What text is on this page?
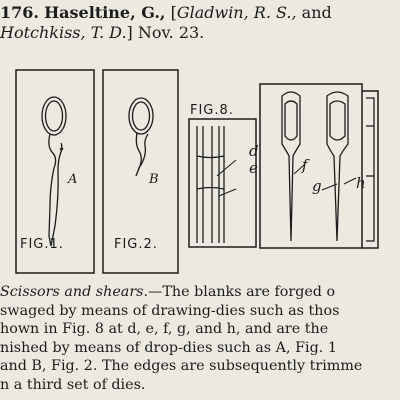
176. Haseltine, G., [Gladwin, R. S., and
Hotchkiss, T. D.] Nov. 23.
A	B
FIG.1.	FIG.2.
FIG.8.
d
e	f
g h
Scissors and shears.—The blanks are forged o
swaged by means of drawing-dies such as thos
hown in Fig. 8 at d, e, f, g, and h, and are the
nished by means of drop-dies such as A, Fig. 1
and B, Fig. 2. The edges are subsequently trimme
n a third set of dies.
